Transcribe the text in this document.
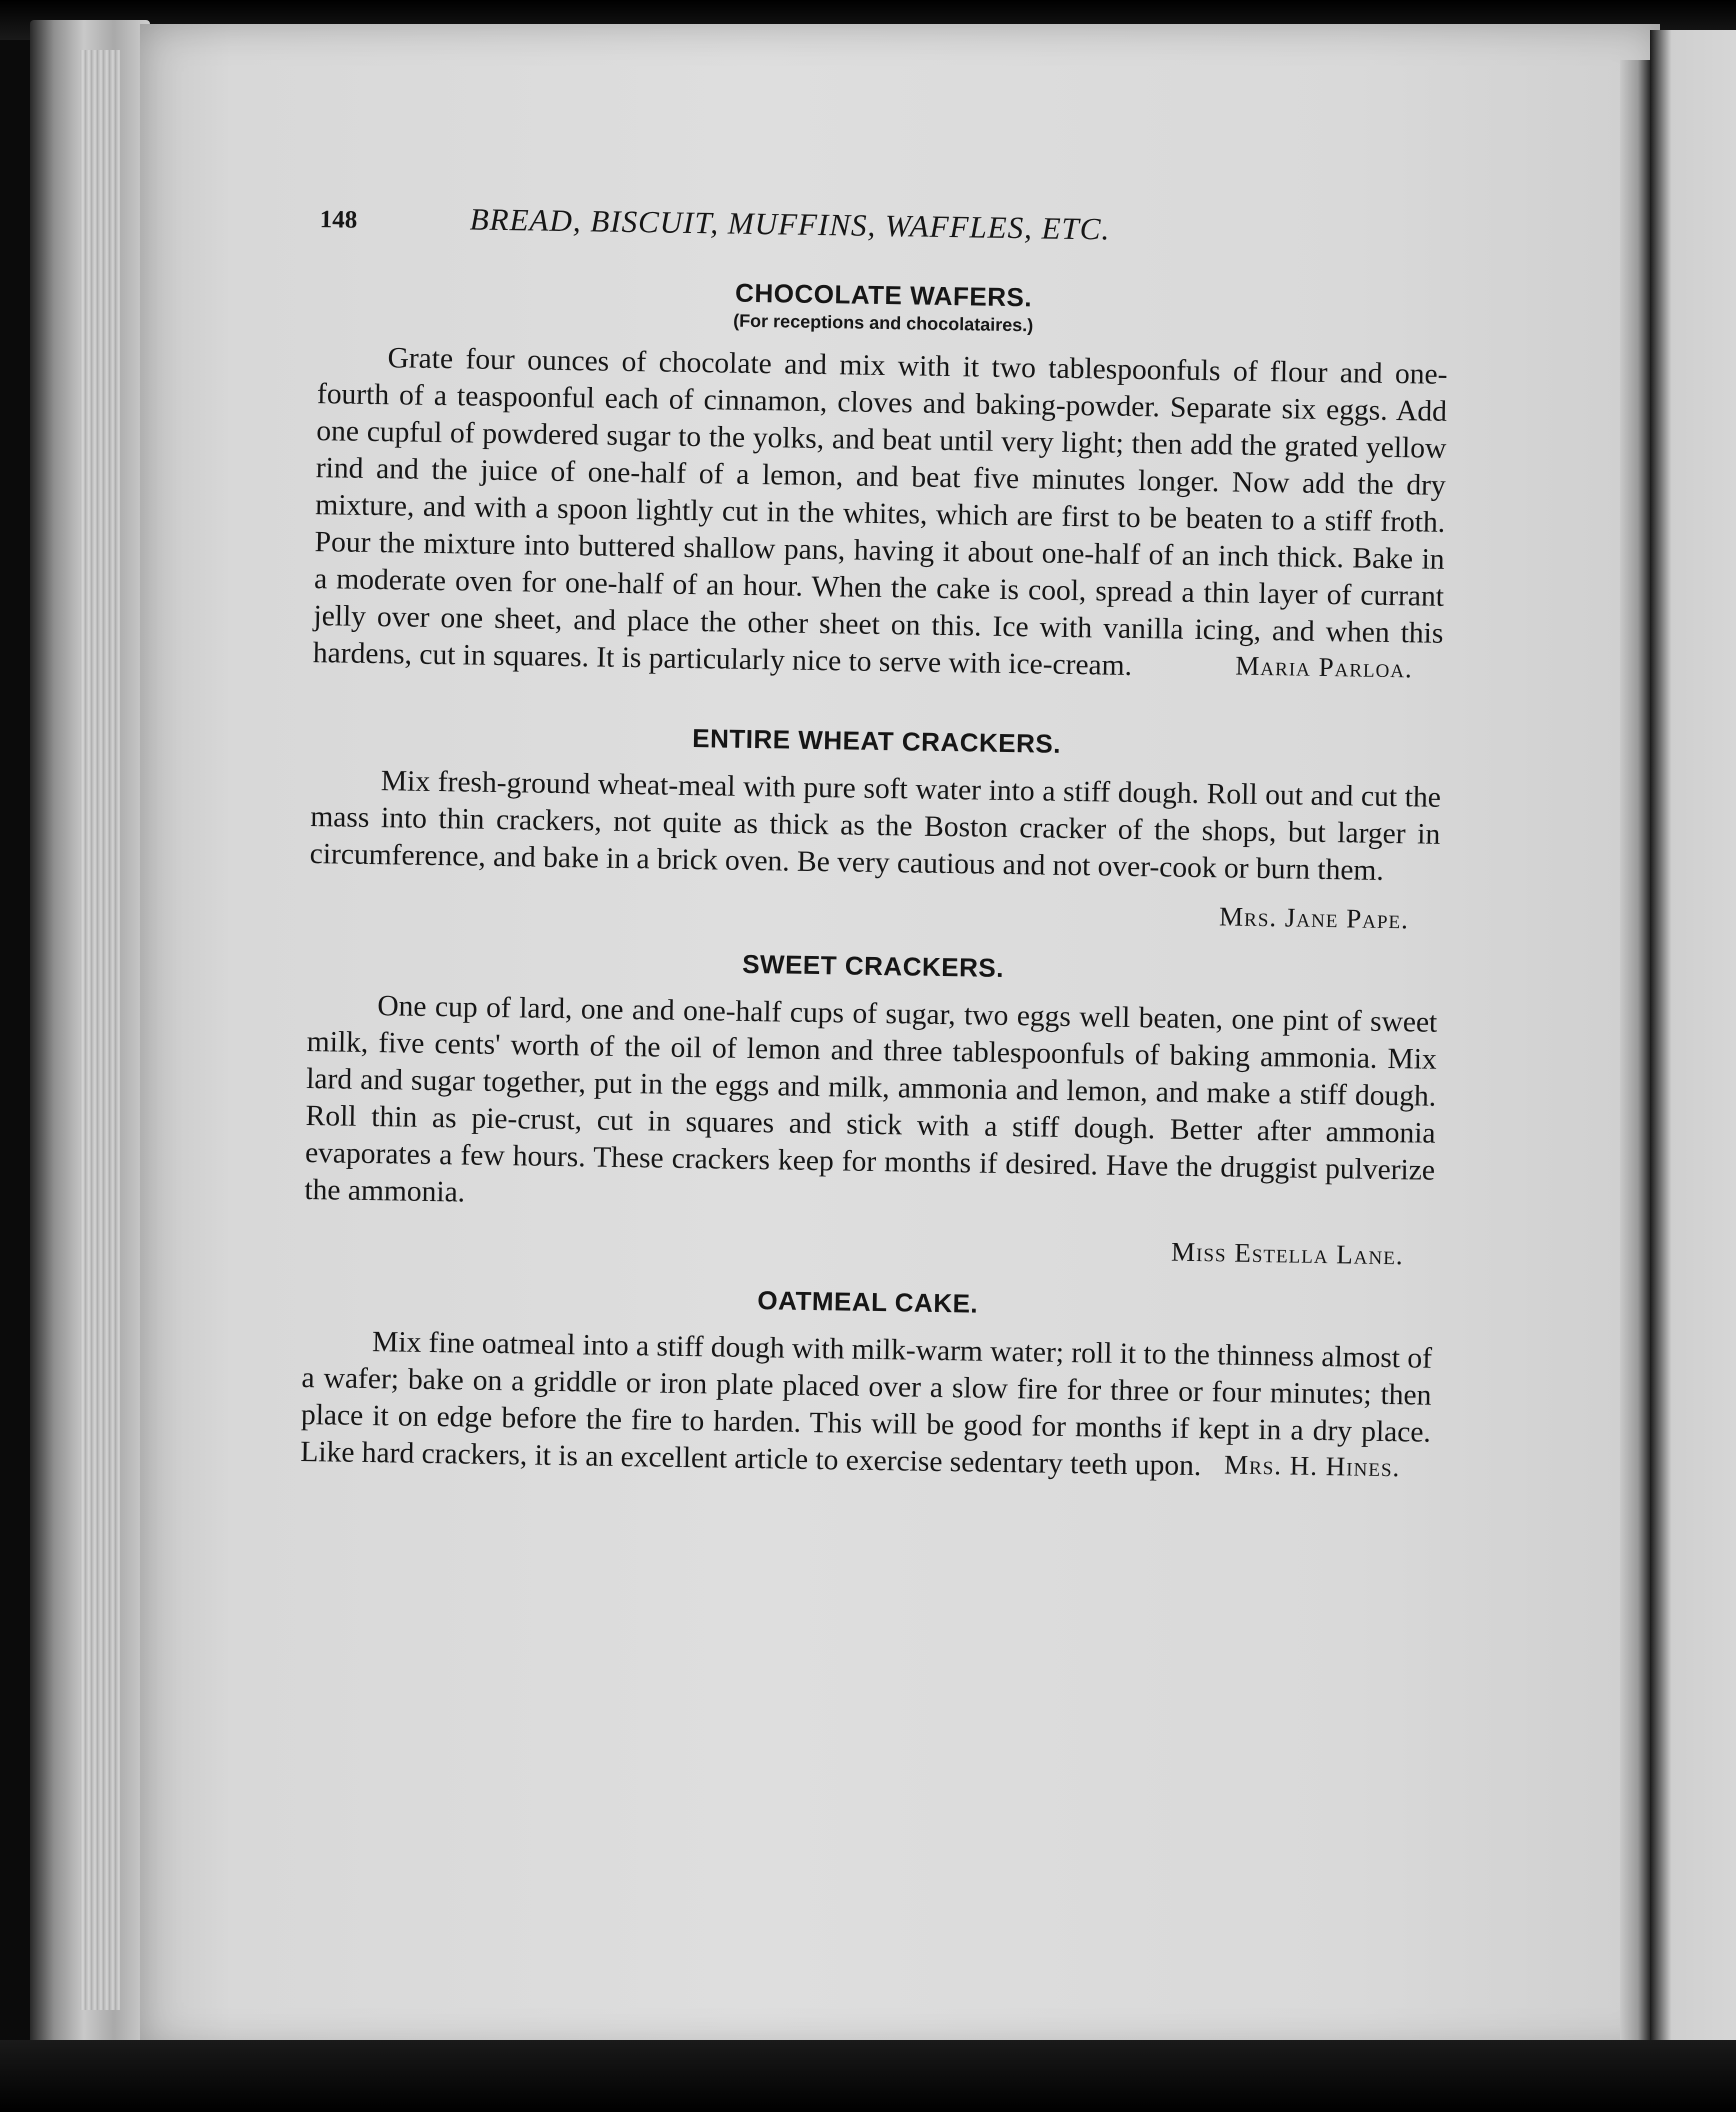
148	BREAD, BISCUIT, MUFFINS, WAFFLES, ETC.

CHOCOLATE WAFERS.

(For receptions and chocolataires.)

Grate four ounces of chocolate and mix with it two tablespoonfuls of flour and one-fourth of a teaspoonful each of cinnamon, cloves and baking-powder. Separate six eggs. Add one cupful of powdered sugar to the yolks, and beat until very light; then add the grated yellow rind and the juice of one-half of a lemon, and beat five minutes longer. Now add the dry mixture, and with a spoon lightly cut in the whites, which are first to be beaten to a stiff froth. Pour the mixture into buttered shallow pans, having it about one-half of an inch thick. Bake in a moderate oven for one-half of an hour. When the cake is cool, spread a thin layer of currant jelly over one sheet, and place the other sheet on this. Ice with vanilla icing, and when this hardens, cut in squares. It is particularly nice to serve with ice-cream.	Maria Parloa.

ENTIRE WHEAT CRACKERS.

Mix fresh-ground wheat-meal with pure soft water into a stiff dough. Roll out and cut the mass into thin crackers, not quite as thick as the Boston cracker of the shops, but larger in circumference, and bake in a brick oven. Be very cautious and not over-cook or burn them.

Mrs. Jane Pape.

SWEET CRACKERS.

One cup of lard, one and one-half cups of sugar, two eggs well beaten, one pint of sweet milk, five cents' worth of the oil of lemon and three tablespoonfuls of baking ammonia. Mix lard and sugar together, put in the eggs and milk, ammonia and lemon, and make a stiff dough. Roll thin as pie-crust, cut in squares and stick with a stiff dough. Better after ammonia evaporates a few hours. These crackers keep for months if desired. Have the druggist pulverize the ammonia.

Miss Estella Lane.

OATMEAL CAKE.

Mix fine oatmeal into a stiff dough with milk-warm water; roll it to the thinness almost of a wafer; bake on a griddle or iron plate placed over a slow fire for three or four minutes; then place it on edge before the fire to harden. This will be good for months if kept in a dry place. Like hard crackers, it is an excellent article to exercise sedentary teeth upon. Mrs. H. Hines.
